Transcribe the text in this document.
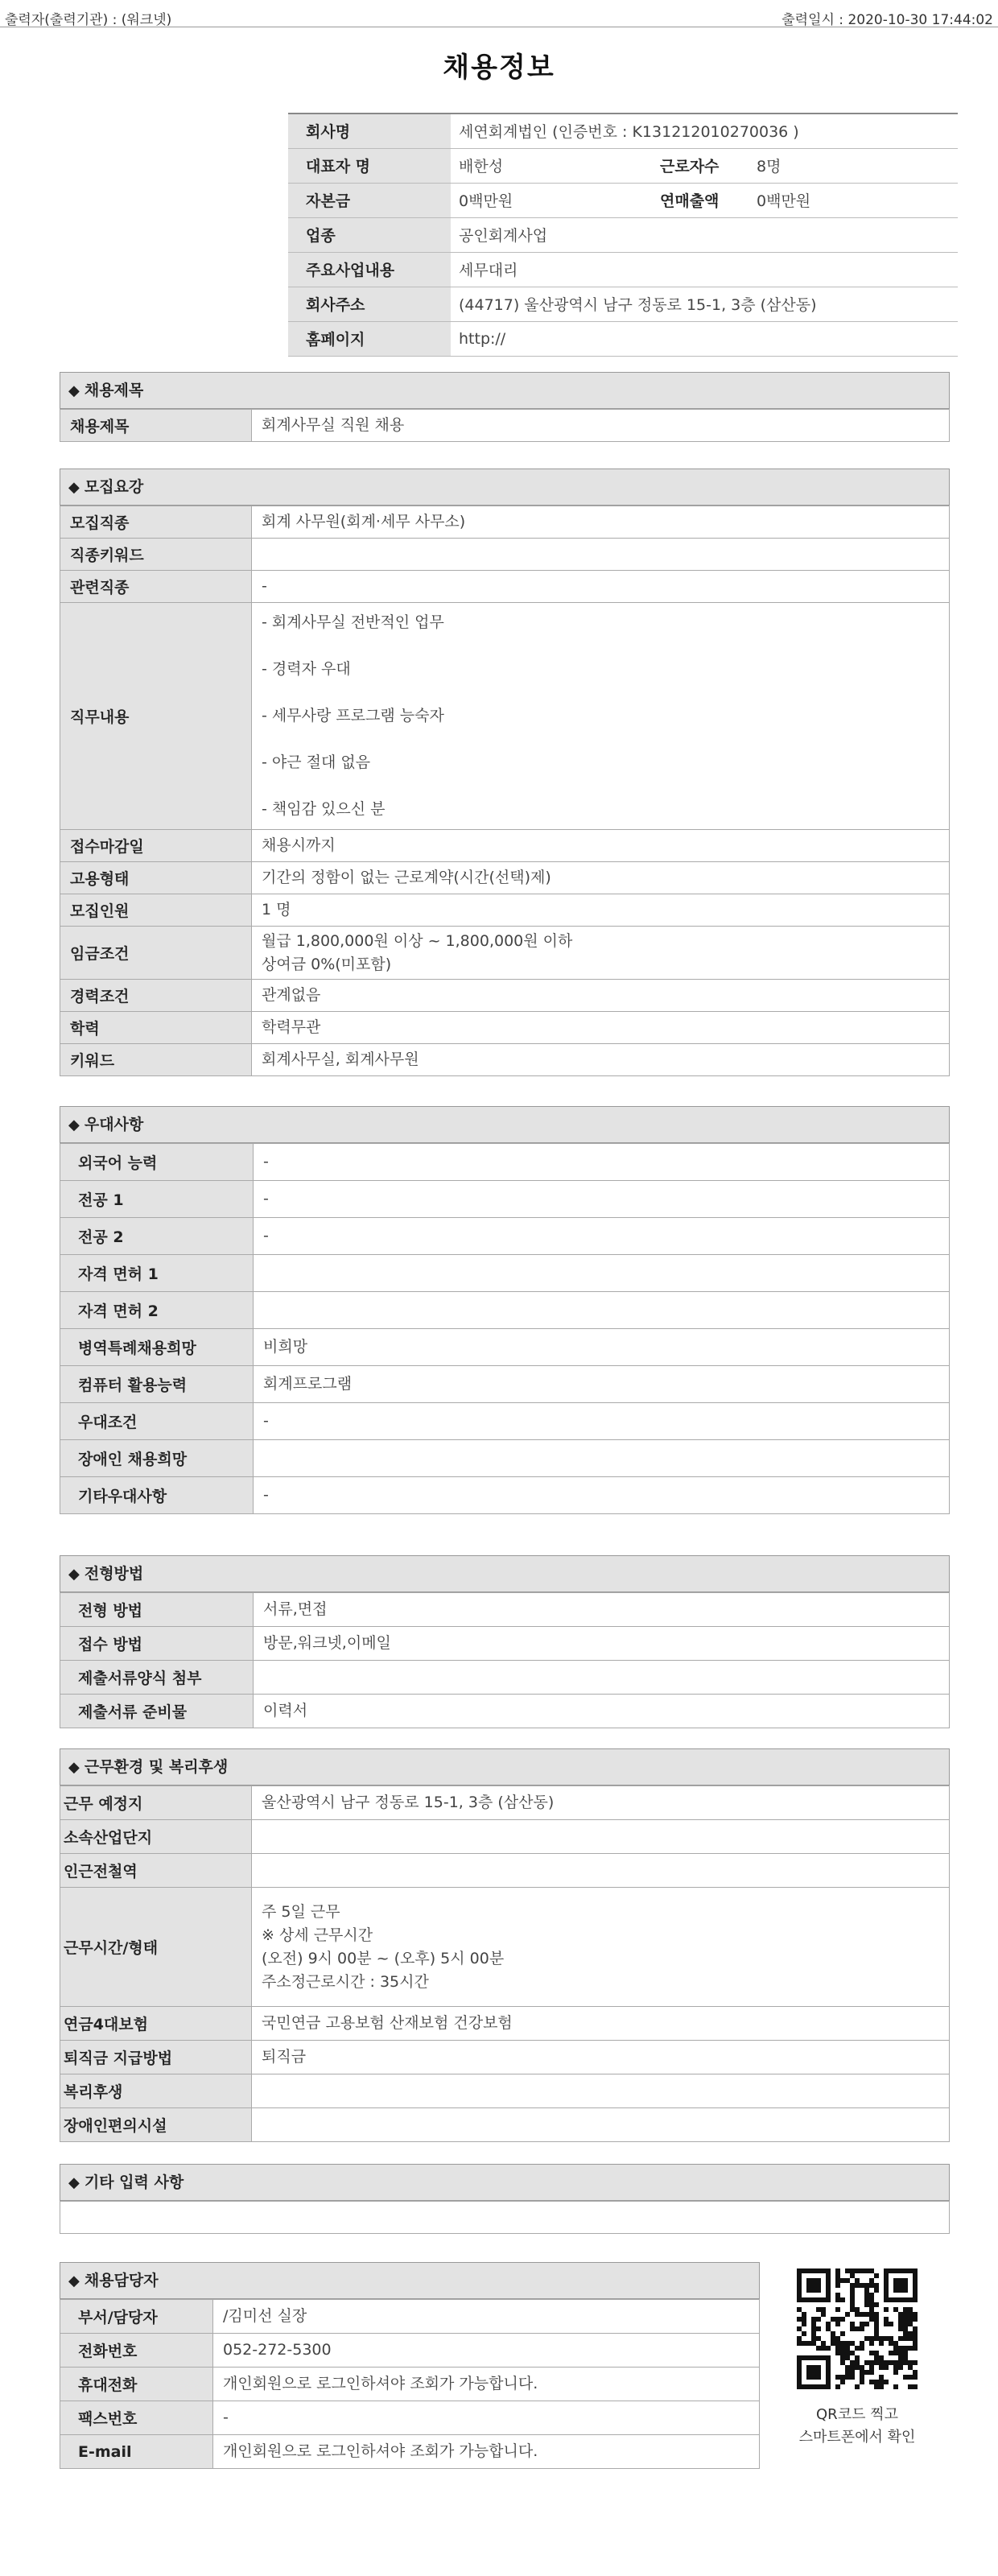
출력자(출력기관) : (워크넷)	출력일시 : 2020-10-30 17:44:02
채용정보
회사명	세연회계법인 (인증번호 : K131212010270036 )		
대표자 명	배한성	근로자수	8명
자본금	0백만원	연매출액	0백만원
업종	공인회계사업		
주요사업내용	세무대리		
회사주소	(44717) 울산광역시 남구 정동로 15-1, 3층 (삼산동)		
홈페이지	http://		
◆ 채용제목
채용제목	회계사무실 직원 채용
◆ 모집요강
모집직종	회계 사무원(회계·세무 사무소)
직종키워드	
관련직종	-
직무내용	- 회계사무실 전반적인 업무

- 경력자 우대

- 세무사랑 프로그램 능숙자

- 야근 절대 없음

- 책임감 있으신 분
접수마감일	채용시까지
고용형태	기간의 정함이 없는 근로계약(시간(선택)제)
모집인원	1 명
임금조건	월급 1,800,000원 이상 ~ 1,800,000원 이하
상여금 0%(미포함)
경력조건	관계없음
학력	학력무관
키워드	회계사무실, 회계사무원
◆ 우대사항
외국어 능력	-
전공 1	-
전공 2	-
자격 면허 1	
자격 면허 2	
병역특례채용희망	비희망
컴퓨터 활용능력	회계프로그램
우대조건	-
장애인 채용희망	
기타우대사항	-
◆ 전형방법
전형 방법	서류,면접
접수 방법	방문,워크넷,이메일
제출서류양식 첨부	
제출서류 준비물	이력서
◆ 근무환경 및 복리후생
근무 예정지	울산광역시 남구 정동로 15-1, 3층 (삼산동)
소속산업단지	
인근전철역	
근무시간/형태	주 5일 근무
※ 상세 근무시간
(오전) 9시 00분 ~ (오후) 5시 00분
주소정근로시간 : 35시간
연금4대보험	국민연금 고용보험 산재보험 건강보험
퇴직금 지급방법	퇴직금
복리후생	
장애인편의시설	
◆ 기타 입력 사항
◆ 채용담당자
부서/담당자	/김미선 실장
전화번호	052-272-5300
휴대전화	개인회원으로 로그인하셔야 조회가 가능합니다.
팩스번호	-
E-mail	개인회원으로 로그인하셔야 조회가 가능합니다.
QR코드 찍고
스마트폰에서 확인
